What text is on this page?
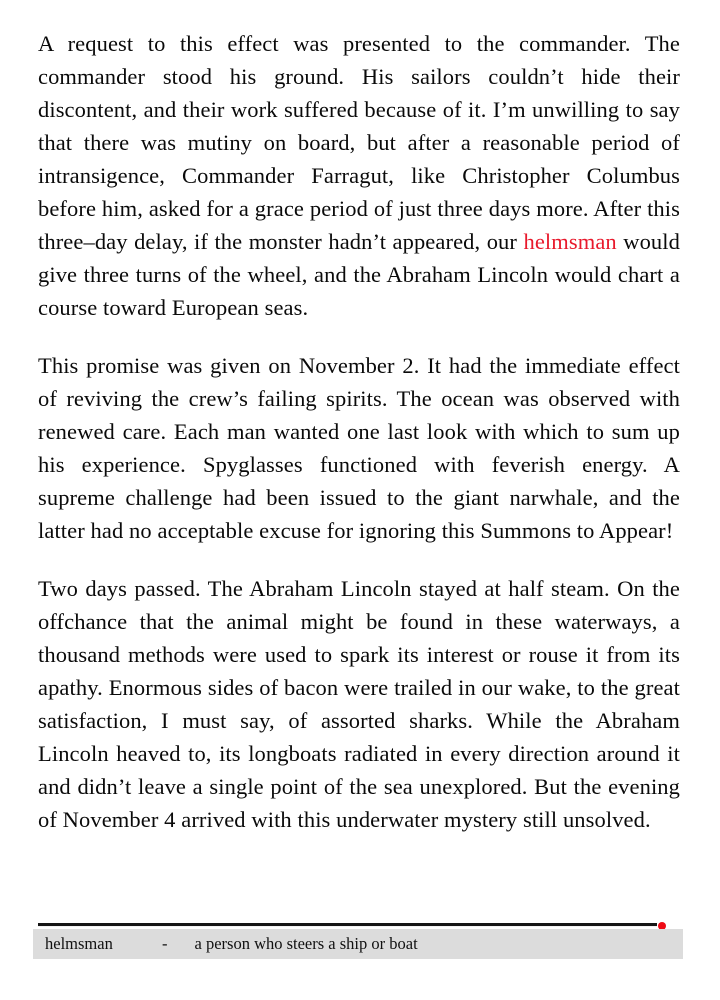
A request to this effect was presented to the commander. The commander stood his ground. His sailors couldn’t hide their discontent, and their work suffered because of it. I’m unwilling to say that there was mutiny on board, but after a reasonable period of intransigence, Commander Farragut, like Christopher Columbus before him, asked for a grace period of just three days more. After this three–day delay, if the monster hadn’t appeared, our helmsman would give three turns of the wheel, and the Abraham Lincoln would chart a course toward European seas.

This promise was given on November 2. It had the immediate effect of reviving the crew’s failing spirits. The ocean was observed with renewed care. Each man wanted one last look with which to sum up his experience. Spyglasses functioned with feverish energy. A supreme challenge had been issued to the giant narwhale, and the latter had no acceptable excuse for ignoring this Summons to Appear!

Two days passed. The Abraham Lincoln stayed at half steam. On the offchance that the animal might be found in these waterways, a thousand methods were used to spark its interest or rouse it from its apathy. Enormous sides of bacon were trailed in our wake, to the great satisfaction, I must say, of assorted sharks. While the Abraham Lincoln heaved to, its longboats radiated in every direction around it and didn’t leave a single point of the sea unexplored. But the evening of November 4 arrived with this underwater mystery still unsolved.

helmsman	- a person who steers a ship or boat
